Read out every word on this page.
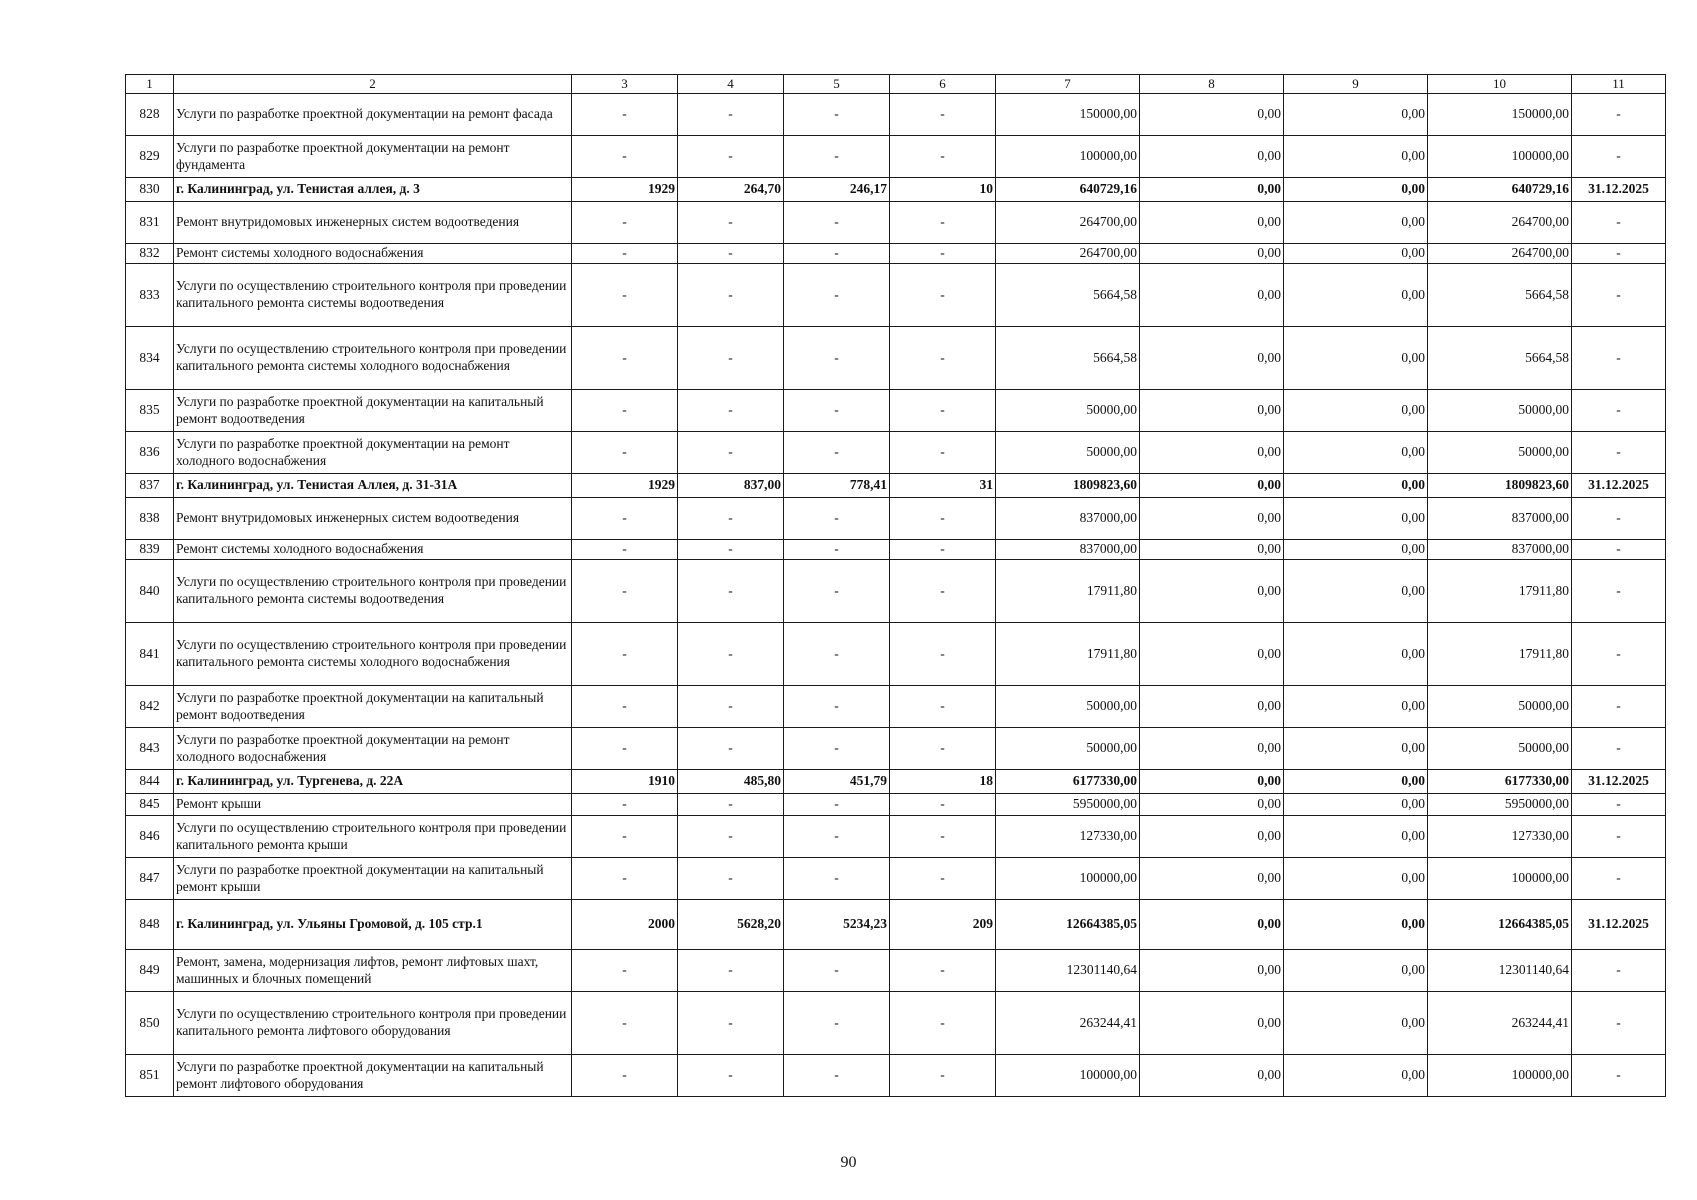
1	2	3	4	5	6	7	8	9	10	11
828	Услуги по разработке проектной документации на ремонт фасада	-	-	-	-	150000,00	0,00	0,00	150000,00	-
829	Услуги по разработке проектной документации на ремонт фундамента	-	-	-	-	100000,00	0,00	0,00	100000,00	-
830	г. Калининград, ул. Тенистая аллея, д. 3	1929	264,70	246,17	10	640729,16	0,00	0,00	640729,16	31.12.2025
831	Ремонт внутридомовых инженерных систем водоотведения	-	-	-	-	264700,00	0,00	0,00	264700,00	-
832	Ремонт системы холодного водоснабжения	-	-	-	-	264700,00	0,00	0,00	264700,00	-
833	Услуги по осуществлению строительного контроля при проведении капитального ремонта системы водоотведения	-	-	-	-	5664,58	0,00	0,00	5664,58	-
834	Услуги по осуществлению строительного контроля при проведении капитального ремонта системы холодного водоснабжения	-	-	-	-	5664,58	0,00	0,00	5664,58	-
835	Услуги по разработке проектной документации на капитальный ремонт водоотведения	-	-	-	-	50000,00	0,00	0,00	50000,00	-
836	Услуги по разработке проектной документации на ремонт холодного водоснабжения	-	-	-	-	50000,00	0,00	0,00	50000,00	-
837	г. Калининград, ул. Тенистая Аллея, д. 31-31А	1929	837,00	778,41	31	1809823,60	0,00	0,00	1809823,60	31.12.2025
838	Ремонт внутридомовых инженерных систем водоотведения	-	-	-	-	837000,00	0,00	0,00	837000,00	-
839	Ремонт системы холодного водоснабжения	-	-	-	-	837000,00	0,00	0,00	837000,00	-
840	Услуги по осуществлению строительного контроля при проведении капитального ремонта системы водоотведения	-	-	-	-	17911,80	0,00	0,00	17911,80	-
841	Услуги по осуществлению строительного контроля при проведении капитального ремонта системы холодного водоснабжения	-	-	-	-	17911,80	0,00	0,00	17911,80	-
842	Услуги по разработке проектной документации на капитальный ремонт водоотведения	-	-	-	-	50000,00	0,00	0,00	50000,00	-
843	Услуги по разработке проектной документации на ремонт холодного водоснабжения	-	-	-	-	50000,00	0,00	0,00	50000,00	-
844	г. Калининград, ул. Тургенева, д. 22А	1910	485,80	451,79	18	6177330,00	0,00	0,00	6177330,00	31.12.2025
845	Ремонт крыши	-	-	-	-	5950000,00	0,00	0,00	5950000,00	-
846	Услуги по осуществлению строительного контроля при проведении капитального ремонта крыши	-	-	-	-	127330,00	0,00	0,00	127330,00	-
847	Услуги по разработке проектной документации на капитальный ремонт крыши	-	-	-	-	100000,00	0,00	0,00	100000,00	-
848	г. Калининград, ул. Ульяны Громовой, д. 105 стр.1	2000	5628,20	5234,23	209	12664385,05	0,00	0,00	12664385,05	31.12.2025
849	Ремонт, замена, модернизация лифтов, ремонт лифтовых шахт, машинных и блочных помещений	-	-	-	-	12301140,64	0,00	0,00	12301140,64	-
850	Услуги по осуществлению строительного контроля при проведении капитального ремонта лифтового оборудования	-	-	-	-	263244,41	0,00	0,00	263244,41	-
851	Услуги по разработке проектной документации на капитальный ремонт лифтового оборудования	-	-	-	-	100000,00	0,00	0,00	100000,00	-
90
